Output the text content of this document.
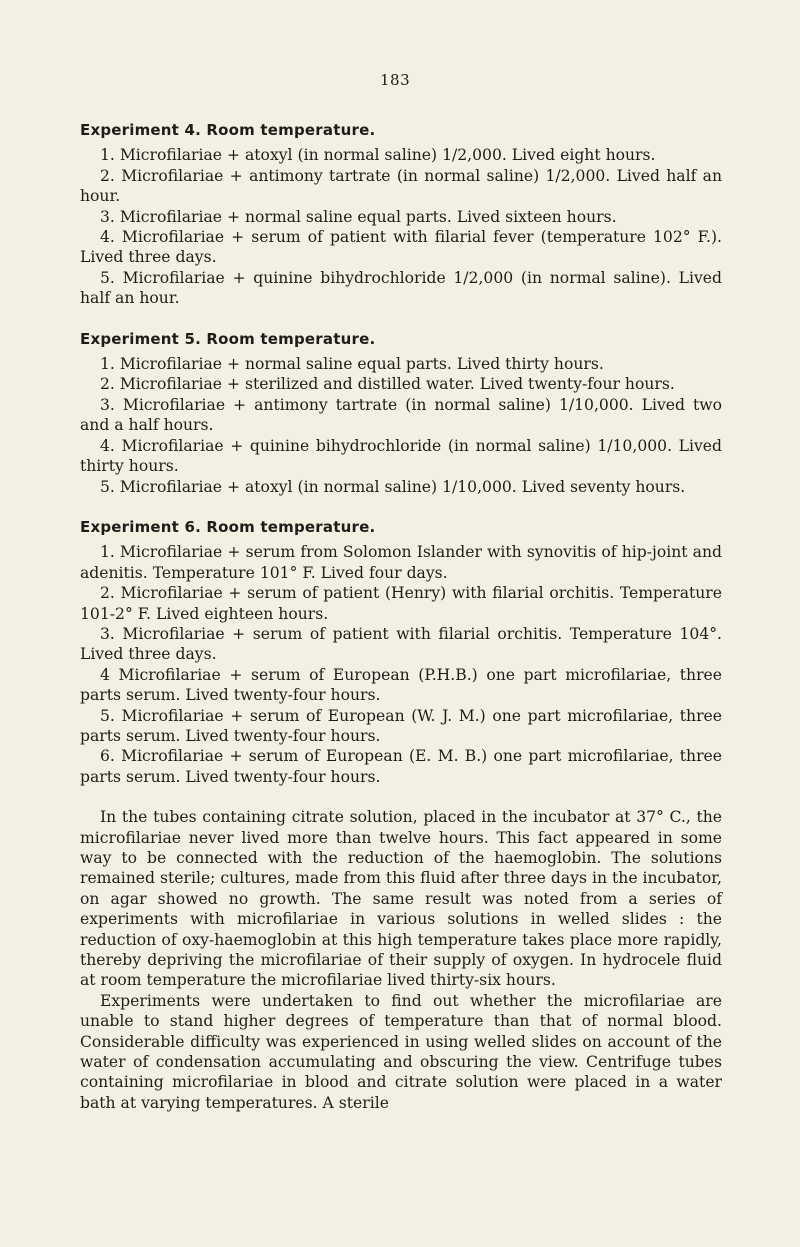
183
Experiment 4. Room temperature.

1. Microfilariae + atoxyl (in normal saline) 1/2,000. Lived eight hours.

2. Microfilariae + antimony tartrate (in normal saline) 1/2,000. Lived half an hour.

3. Microfilariae + normal saline equal parts. Lived sixteen hours.

4. Microfilariae + serum of patient with filarial fever (temperature 102° F.). Lived three days.

5. Microfilariae + quinine bihydrochloride 1/2,000 (in normal saline). Lived half an hour.

Experiment 5. Room temperature.

1. Microfilariae + normal saline equal parts. Lived thirty hours.

2. Microfilariae + sterilized and distilled water. Lived twenty-four hours.

3. Microfilariae + antimony tartrate (in normal saline) 1/10,000. Lived two and a half hours.

4. Microfilariae + quinine bihydrochloride (in normal saline) 1/10,000. Lived thirty hours.

5. Microfilariae + atoxyl (in normal saline) 1/10,000. Lived seventy hours.

Experiment 6. Room temperature.

1. Microfilariae + serum from Solomon Islander with synovitis of hip-joint and adenitis. Temperature 101° F. Lived four days.

2. Microfilariae + serum of patient (Henry) with filarial orchitis. Temperature 101-2° F. Lived eighteen hours.

3. Microfilariae + serum of patient with filarial orchitis. Temperature 104°. Lived three days.

4 Microfilariae + serum of European (P.H.B.) one part microfilariae, three parts serum. Lived twenty-four hours.

5. Microfilariae + serum of European (W. J. M.) one part microfilariae, three parts serum. Lived twenty-four hours.

6. Microfilariae + serum of European (E. M. B.) one part microfilariae, three parts serum. Lived twenty-four hours.

In the tubes containing citrate solution, placed in the incubator at 37° C., the microfilariae never lived more than twelve hours. This fact appeared in some way to be connected with the reduction of the haemoglobin. The solutions remained sterile; cultures, made from this fluid after three days in the incubator, on agar showed no growth. The same result was noted from a series of experiments with microfilariae in various solutions in welled slides : the reduction of oxy-haemoglobin at this high temperature takes place more rapidly, thereby depriving the microfilariae of their supply of oxygen. In hydrocele fluid at room temperature the microfilariae lived thirty-six hours.

Experiments were undertaken to find out whether the microfilariae are unable to stand higher degrees of temperature than that of normal blood. Considerable difficulty was experienced in using welled slides on account of the water of condensation accumulating and obscuring the view. Centrifuge tubes containing microfilariae in blood and citrate solution were placed in a water bath at varying temperatures. A sterile
